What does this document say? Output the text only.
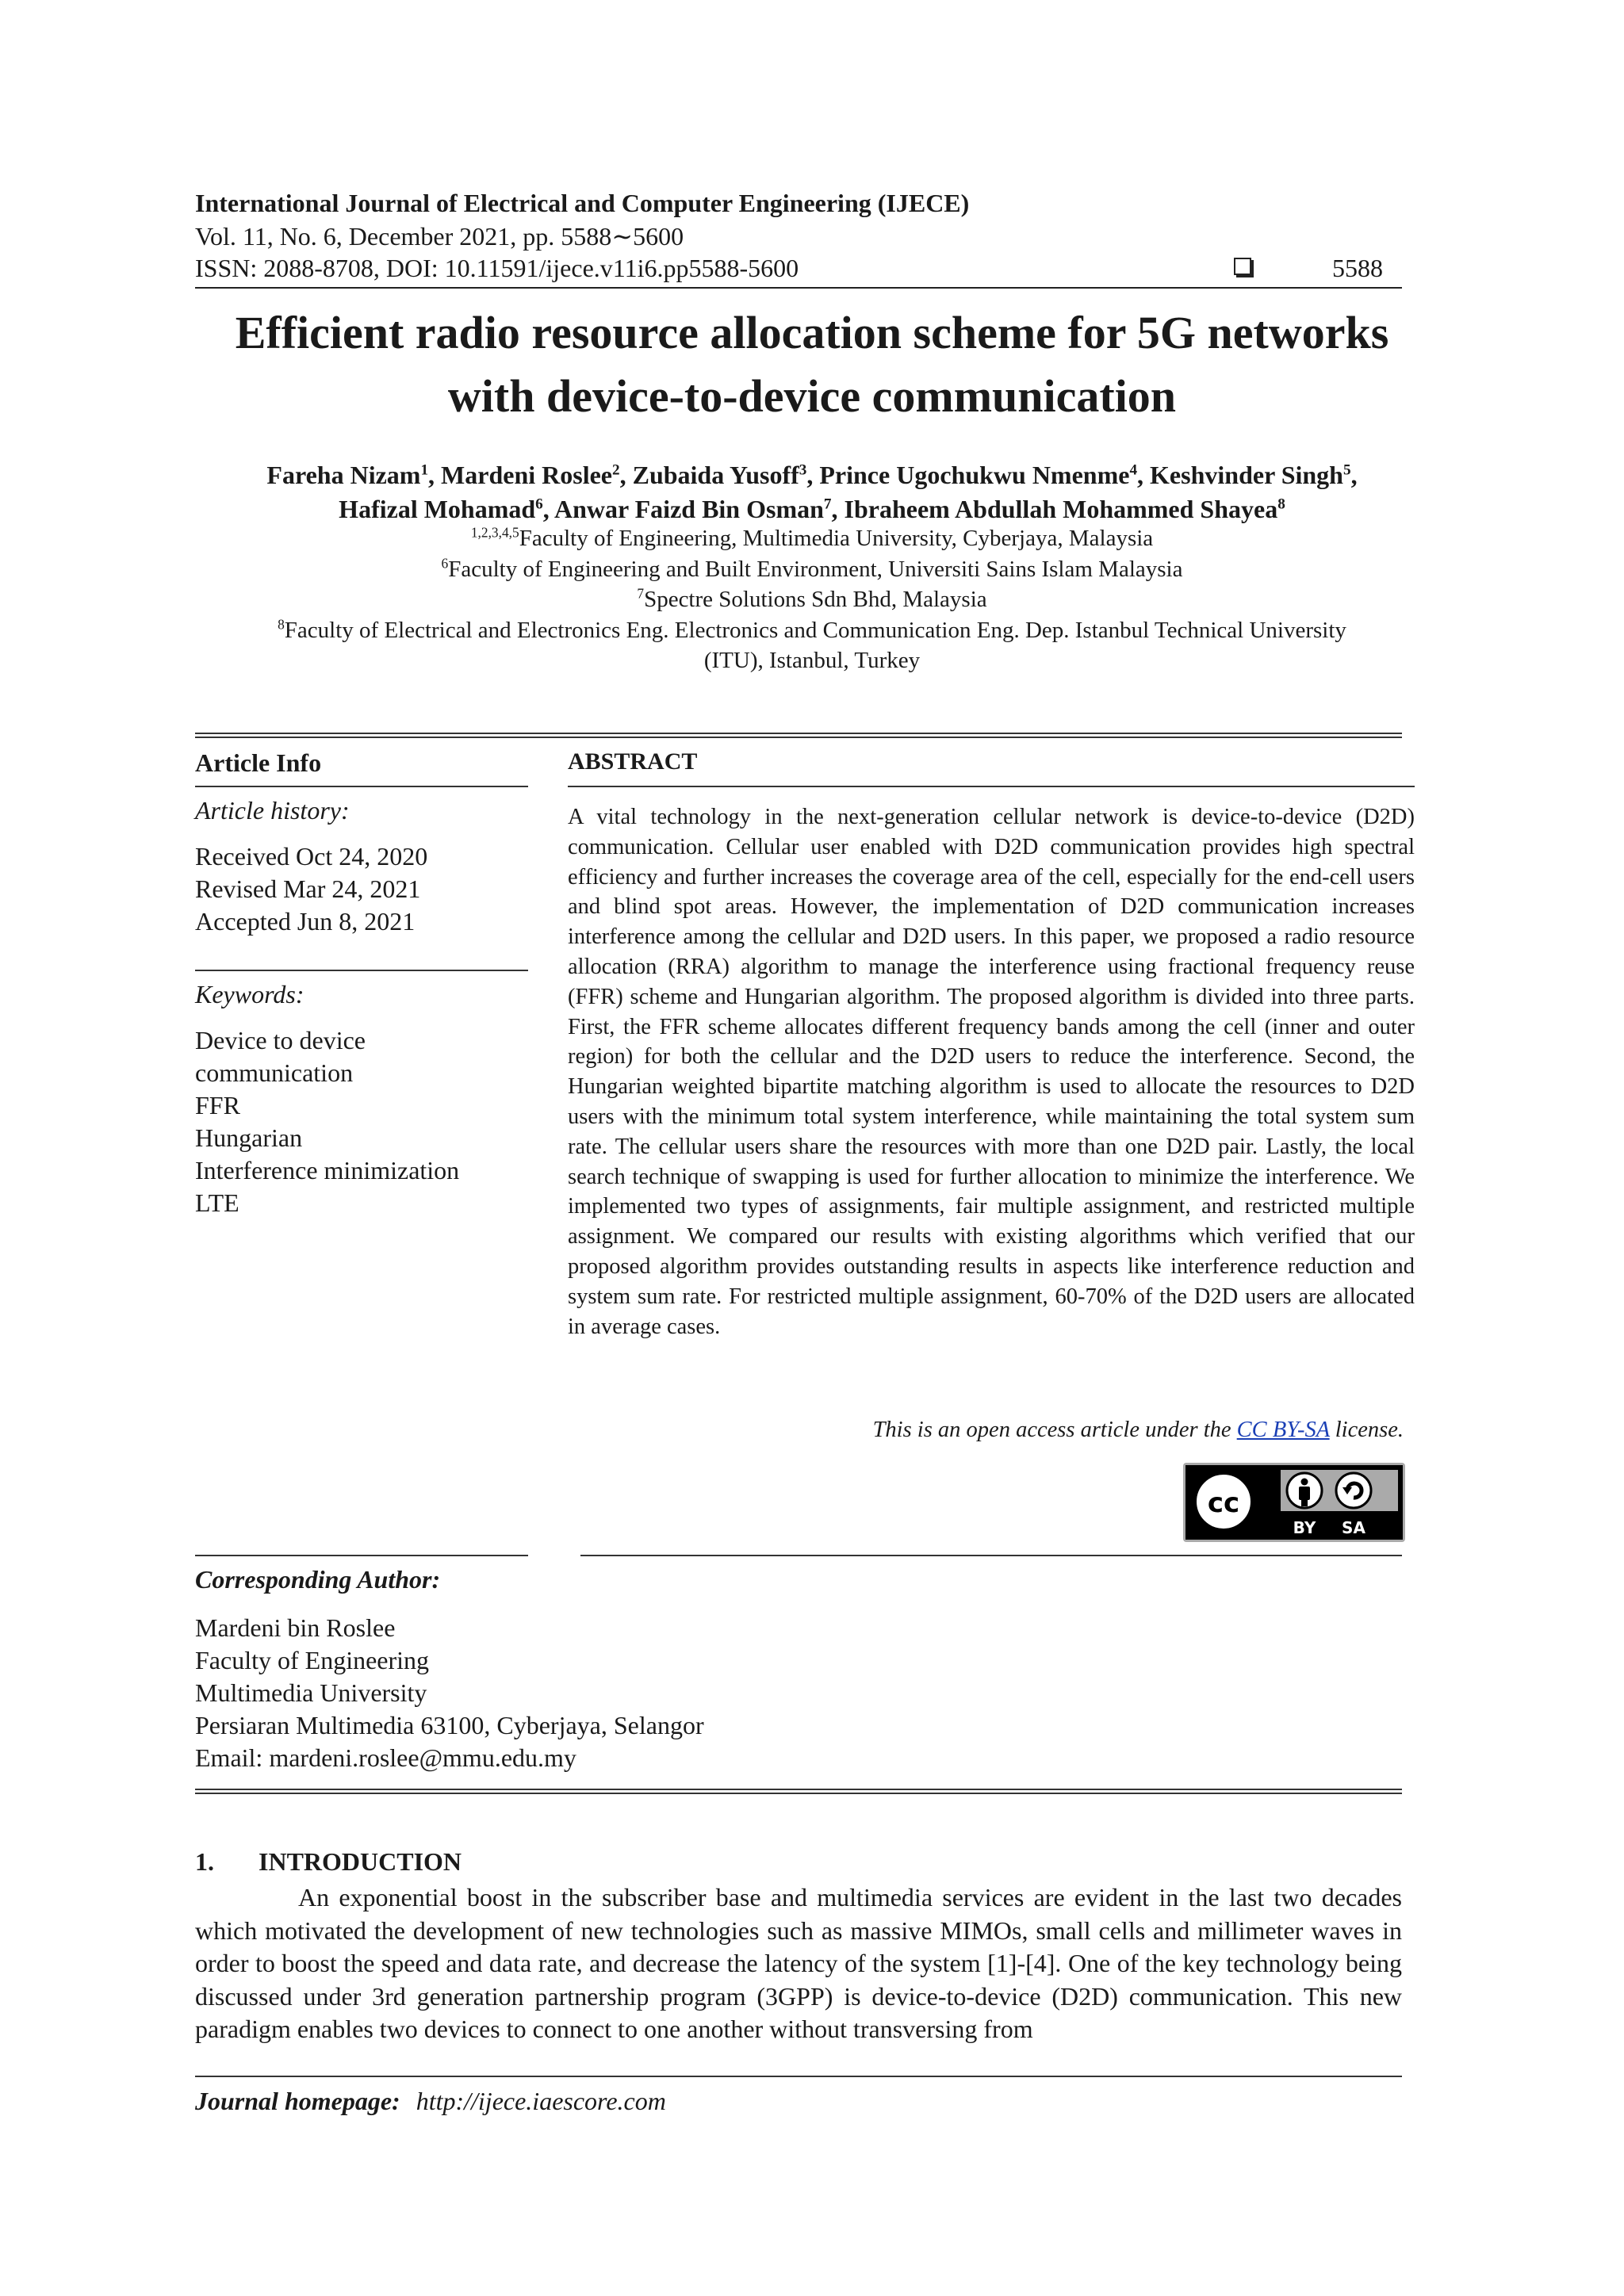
International Journal of Electrical and Computer Engineering (IJECE)
Vol. 11, No. 6, December 2021, pp. 5588∼5600
ISSN: 2088-8708, DOI: 10.11591/ijece.v11i6.pp5588-5600	5588
Efficient radio resource allocation scheme for 5G networks
with device-to-device communication
Fareha Nizam$^1$, Mardeni Roslee$^2$, Zubaida Yusoff$^3$, Prince Ugochukwu Nmenme$^4$, Keshvinder Singh$^5$,
Hafizal Mohamad$^6$, Anwar Faizd Bin Osman$^7$, Ibraheem Abdullah Mohammed Shayea$^8$
$^{1,2,3,4,5}$Faculty of Engineering, Multimedia University, Cyberjaya, Malaysia
$^6$Faculty of Engineering and Built Environment, Universiti Sains Islam Malaysia
$^7$Spectre Solutions Sdn Bhd, Malaysia
$^8$Faculty of Electrical and Electronics Eng. Electronics and Communication Eng. Dep. Istanbul Technical University
(ITU), Istanbul, Turkey
Article Info
Article history:
Received Oct 24, 2020
Revised Mar 24, 2021
Accepted Jun 8, 2021
Keywords:
Device to device
communication
FFR
Hungarian
Interference minimization
LTE
ABSTRACT

A vital technology in the next-generation cellular network is device-to-device (D2D) communication. Cellular user enabled with D2D communication provides high spectral efficiency and further increases the coverage area of the cell, especially for the end-cell users and blind spot areas. However, the implementation of D2D communication increases interference among the cellular and D2D users. In this paper, we proposed a radio resource allocation (RRA) algorithm to manage the interference using fractional frequency reuse (FFR) scheme and Hungarian algorithm. The proposed algorithm is divided into three parts. First, the FFR scheme allocates different frequency bands among the cell (inner and outer region) for both the cellular and the D2D users to reduce the interference. Second, the Hungarian weighted bipartite matching algorithm is used to allocate the resources to D2D users with the minimum total system interference, while maintaining the total system sum rate. The cellular users share the resources with more than one D2D pair. Lastly, the local search technique of swapping is used for further allocation to minimize the interference. We implemented two types of assignments, fair multiple assignment, and restricted multiple assignment. We compared our results with existing algorithms which verified that our proposed algorithm provides outstanding results in aspects like interference reduction and system sum rate. For restricted multiple assignment, 60-70% of the D2D users are allocated in average cases.

This is an open access article under the CC BY-SA license.
cc
BY SA
Corresponding Author:
Mardeni bin Roslee
Faculty of Engineering
Multimedia University
Persiaran Multimedia 63100, Cyberjaya, Selangor
Email: mardeni.roslee@mmu.edu.my
1. INTRODUCTION

An exponential boost in the subscriber base and multimedia services are evident in the last two decades which motivated the development of new technologies such as massive MIMOs, small cells and millimeter waves in order to boost the speed and data rate, and decrease the latency of the system [1]-[4]. One of the key technology being discussed under 3rd generation partnership program (3GPP) is device-to-device (D2D) communication. This new paradigm enables two devices to connect to one another without transversing from

Journal homepage: http://ijece.iaescore.com
